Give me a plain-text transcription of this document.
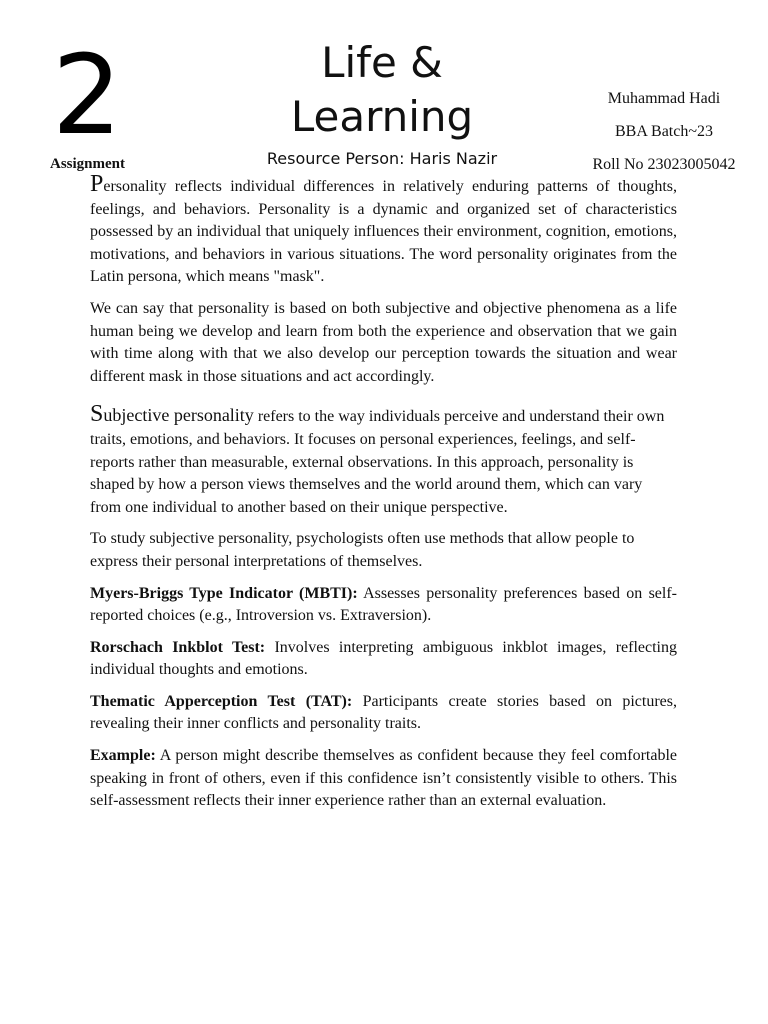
2
Assignment
Life &
Learning
Resource Person: Haris Nazir
Muhammad Hadi
BBA Batch~23
Roll No 23023005042

Personality reflects individual differences in relatively enduring patterns of thoughts, feelings, and behaviors. Personality is a dynamic and organized set of characteristics possessed by an individual that uniquely influences their environment, cognition, emotions, motivations, and behaviors in various situations. The word personality originates from the Latin persona, which means "mask".

We can say that personality is based on both subjective and objective phenomena as a life human being we develop and learn from both the experience and observation that we gain with time along with that we also develop our perception towards the situation and wear different mask in those situations and act accordingly.

Subjective personality refers to the way individuals perceive and understand their own traits, emotions, and behaviors. It focuses on personal experiences, feelings, and self-reports rather than measurable, external observations. In this approach, personality is shaped by how a person views themselves and the world around them, which can vary from one individual to another based on their unique perspective.

To study subjective personality, psychologists often use methods that allow people to express their personal interpretations of themselves.

Myers-Briggs Type Indicator (MBTI): Assesses personality preferences based on self-reported choices (e.g., Introversion vs. Extraversion).

Rorschach Inkblot Test: Involves interpreting ambiguous inkblot images, reflecting individual thoughts and emotions.

Thematic Apperception Test (TAT): Participants create stories based on pictures, revealing their inner conflicts and personality traits.

Example: A person might describe themselves as confident because they feel comfortable speaking in front of others, even if this confidence isn’t consistently visible to others. This self-assessment reflects their inner experience rather than an external evaluation.
